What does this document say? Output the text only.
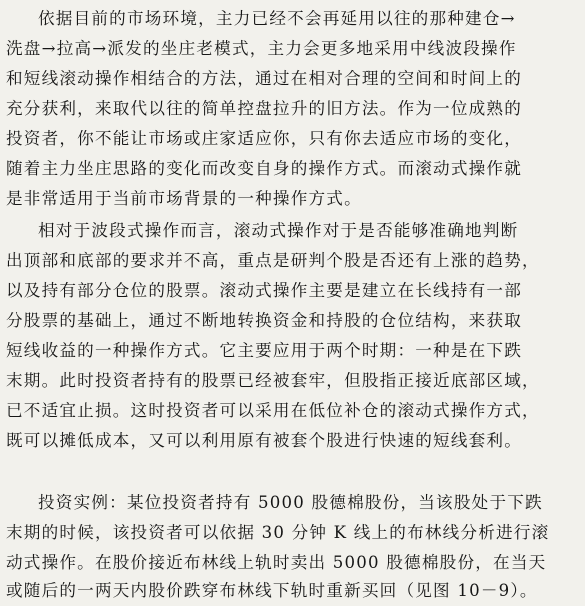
依据目前的市场环境，主力已经不会再延用以往的那种建仓→
洗盘→拉高→派发的坐庄老模式，主力会更多地采用中线波段操作
和短线滚动操作相结合的方法，通过在相对合理的空间和时间上的
充分获利，来取代以往的简单控盘拉升的旧方法。作为一位成熟的
投资者，你不能让市场或庄家适应你，只有你去适应市场的变化，
随着主力坐庄思路的变化而改变自身的操作方式。而滚动式操作就
是非常适用于当前市场背景的一种操作方式。
相对于波段式操作而言，滚动式操作对于是否能够准确地判断
出顶部和底部的要求并不高，重点是研判个股是否还有上涨的趋势，
以及持有部分仓位的股票。滚动式操作主要是建立在长线持有一部
分股票的基础上，通过不断地转换资金和持股的仓位结构，来获取
短线收益的一种操作方式。它主要应用于两个时期：一种是在下跌
末期。此时投资者持有的股票已经被套牢，但股指正接近底部区域，
已不适宜止损。这时投资者可以采用在低位补仓的滚动式操作方式，
既可以摊低成本，又可以利用原有被套个股进行快速的短线套利。
投资实例：某位投资者持有 5000 股德棉股份，当该股处于下跌
末期的时候，该投资者可以依据 30 分钟 K 线上的布林线分析进行滚
动式操作。在股价接近布林线上轨时卖出 5000 股德棉股份，在当天
或随后的一两天内股价跌穿布林线下轨时重新买回（见图 10－9）。
